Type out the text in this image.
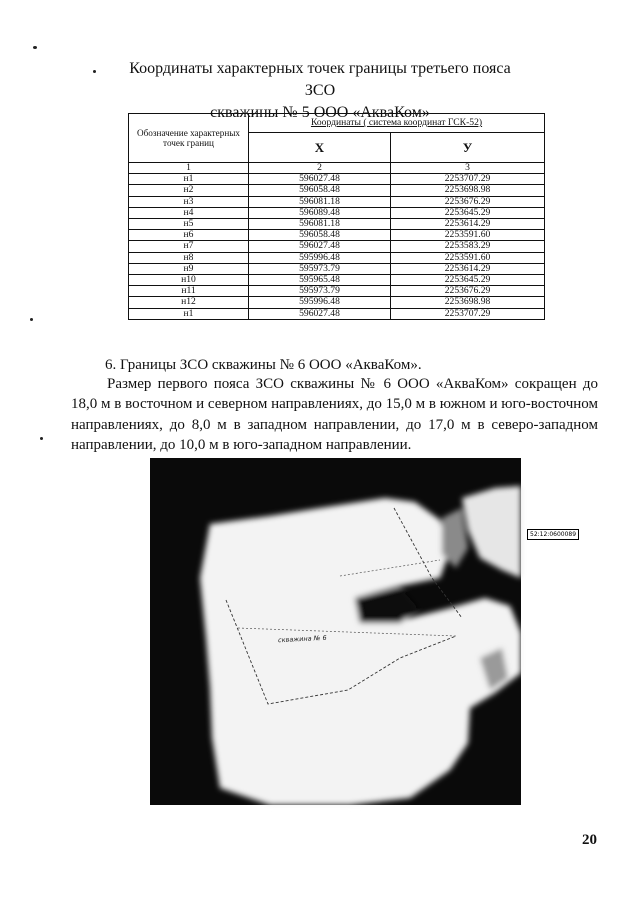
Координаты характерных точек границы третьего пояса ЗСО
скважины № 5 ООО «АкваКом»
Обозначение характерных точек границ	Координаты ( система координат ГСК-52)	
	X	У
1	2	3
н1	596027.48	2253707.29
н2	596058.48	2253698.98
н3	596081.18	2253676.29
н4	596089.48	2253645.29
н5	596081.18	2253614.29
н6	596058.48	2253591.60
н7	596027.48	2253583.29
н8	595996.48	2253591.60
н9	595973.79	2253614.29
н10	595965.48	2253645.29
н11	595973.79	2253676.29
н12	595996.48	2253698.98
н1	596027.48	2253707.29
6. Границы ЗСО скважины № 6 ООО «АкваКом».

Размер первого пояса ЗСО скважины № 6 ООО «АкваКом» сокращен до 18,0 м в восточном и северном направлениях, до 15,0 м в южном и юго-восточном направлениях, до 8,0 м в западном направлении, до 17,0 м в северо-западном направлении, до 10,0 м в юго-западном направлении.

52:12:0600089
скважина № 6
20
